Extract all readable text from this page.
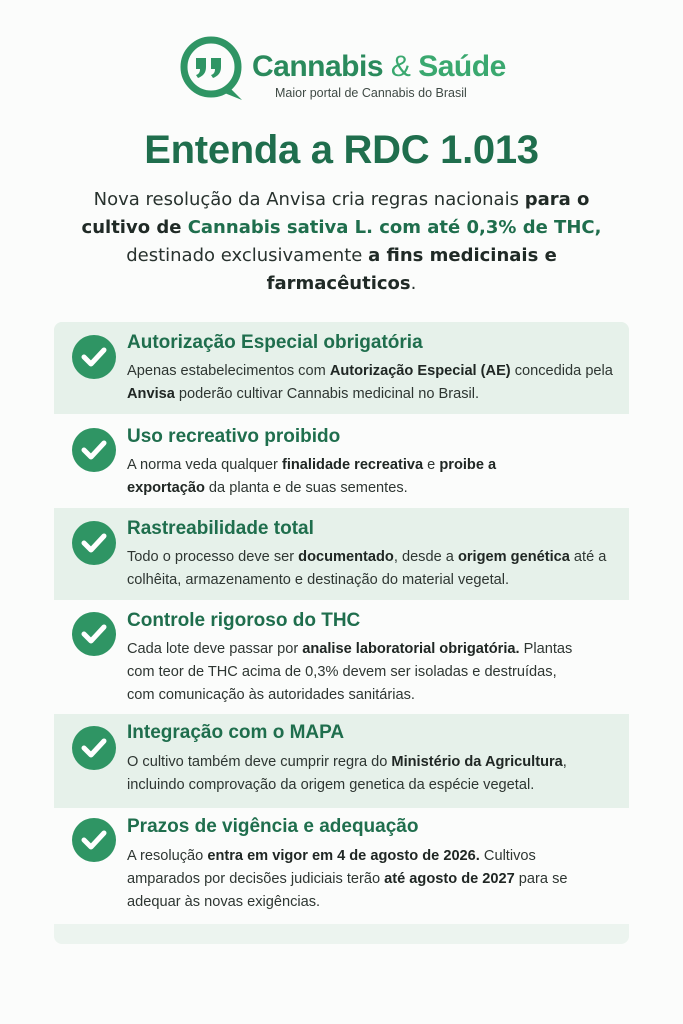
Cannabis & Saúde
Maior portal de Cannabis do Brasil
Entenda a RDC 1.013
Nova resolução da Anvisa cria regras nacionais para o cultivo de Cannabis sativa L. com até 0,3% de THC, destinado exclusivamente a fins medicinais e farmacêuticos.
Autorização Especial obrigatória
Apenas estabelecimentos com Autorização Especial (AE) concedida pela Anvisa poderão cultivar Cannabis medicinal no Brasil.
Uso recreativo proibido
A norma veda qualquer finalidade recreativa e proibe a exportação da planta e de suas sementes.
Rastreabilidade total
Todo o processo deve ser documentado, desde a origem genética até a colhêita, armazenamento e destinação do material vegetal.
Controle rigoroso do THC
Cada lote deve passar por analise laboratorial obrigatória. Plantas com teor de THC acima de 0,3% devem ser isoladas e destruídas, com comunicação às autoridades sanitárias.
Integração com o MAPA
O cultivo também deve cumprir regra do Ministério da Agricultura, incluindo comprovação da origem genetica da espécie vegetal.
Prazos de vigência e adequação
A resolução entra em vigor em 4 de agosto de 2026. Cultivos amparados por decisões judiciais terão até agosto de 2027 para se adequar às novas exigências.
